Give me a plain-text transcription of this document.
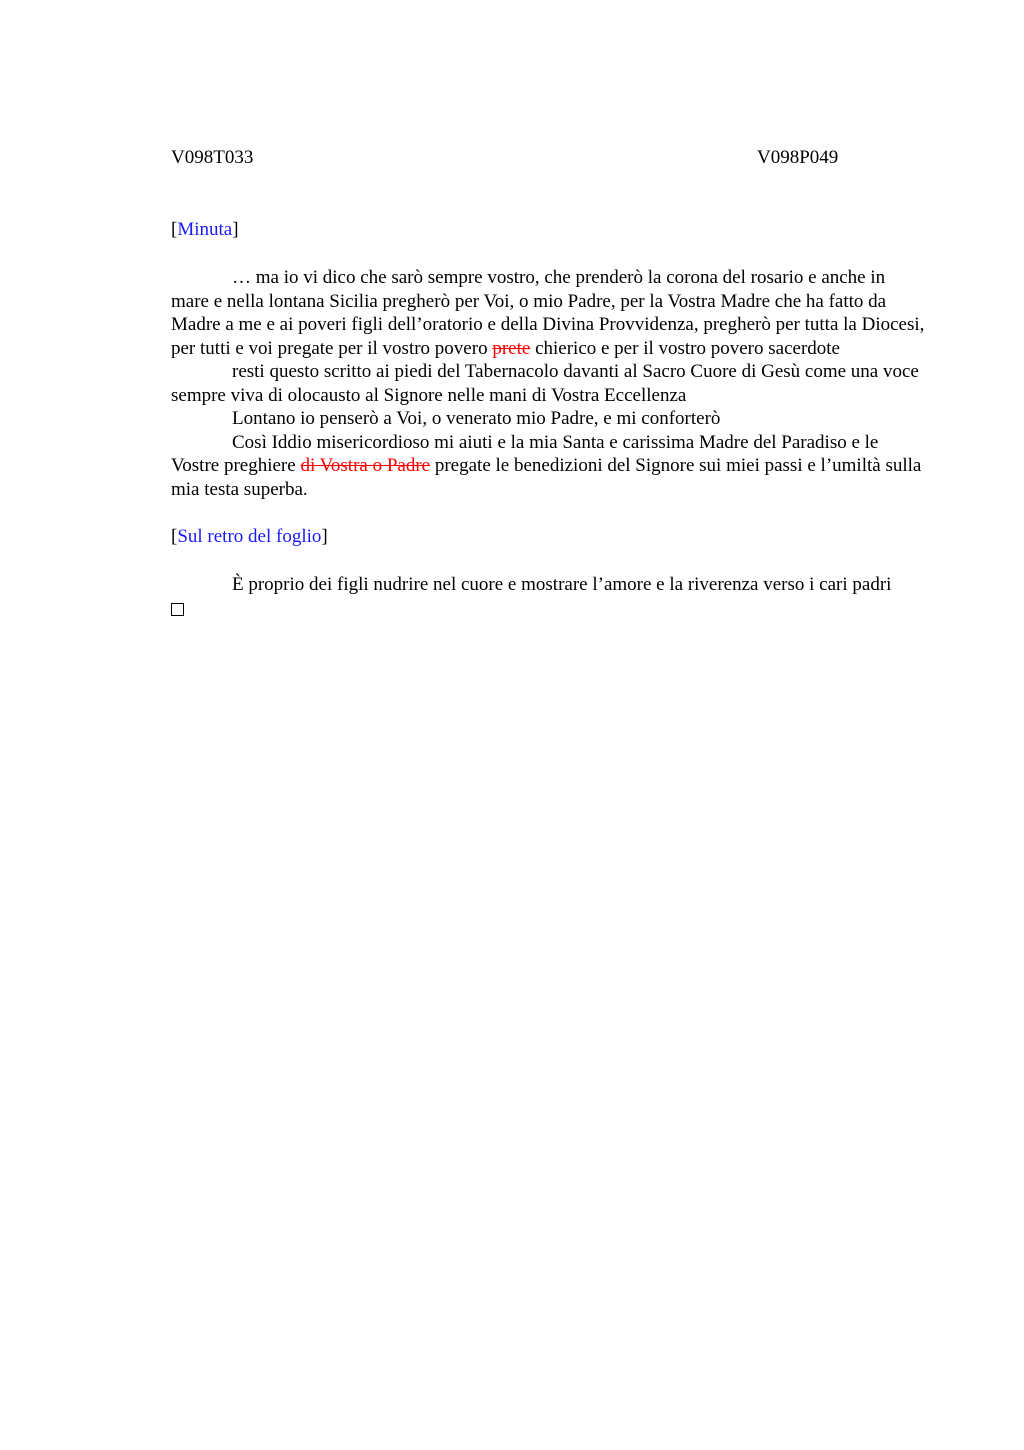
V098T033	V098P049

[Minuta]

… ma io vi dico che sarò sempre vostro, che prenderò la corona del rosario e anche in mare e nella lontana Sicilia pregherò per Voi, o mio Padre, per la Vostra Madre che ha fatto da Madre a me e ai poveri figli dell’oratorio e della Divina Provvidenza, pregherò per tutta la Diocesi, per tutti e voi pregate per il vostro povero prete chierico e per il vostro povero sacerdote

resti questo scritto ai piedi del Tabernacolo davanti al Sacro Cuore di Gesù come una voce sempre viva di olocausto al Signore nelle mani di Vostra Eccellenza

Lontano io penserò a Voi, o venerato mio Padre, e mi conforterò

Così Iddio misericordioso mi aiuti e la mia Santa e carissima Madre del Paradiso e le Vostre preghiere di Vostra o Padre pregate le benedizioni del Signore sui miei passi e l’umiltà sulla mia testa superba.

[Sul retro del foglio]

È proprio dei figli nudrire nel cuore e mostrare l’amore e la riverenza verso i cari padri
